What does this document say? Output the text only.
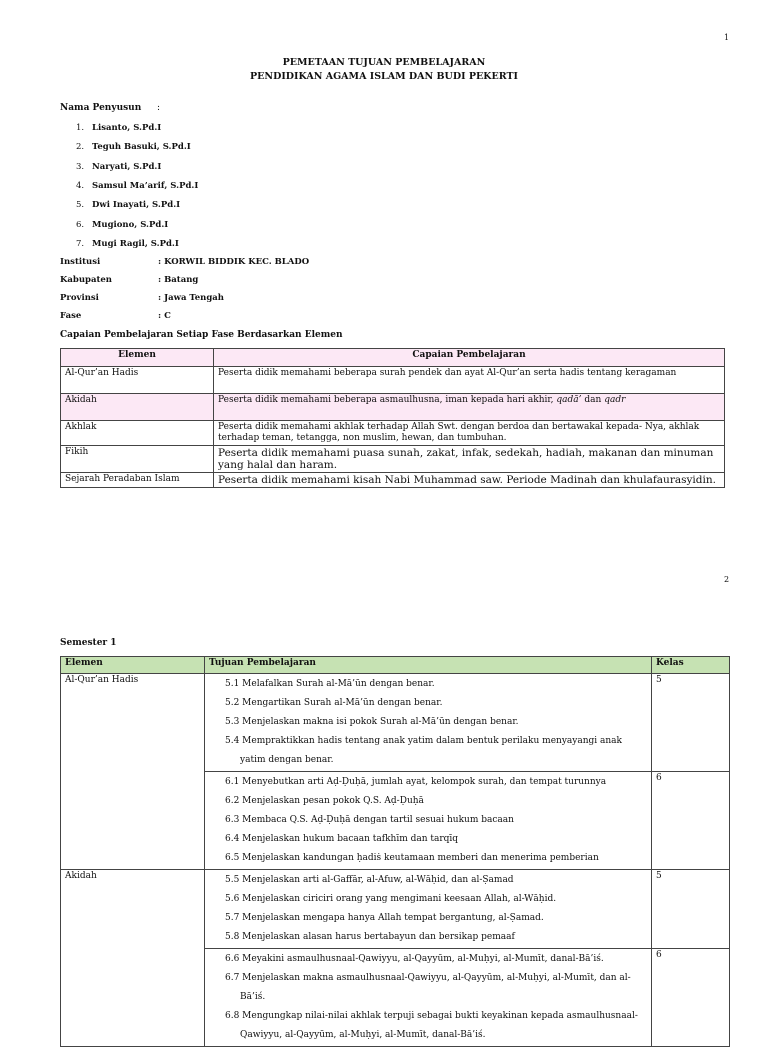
1
PEMETAAN TUJUAN PEMBELAJARAN
PENDIDIKAN AGAMA ISLAM DAN BUDI PEKERTI
Nama Penyusun :
1. Lisanto, S.Pd.I
2. Teguh Basuki, S.Pd.I
3. Naryati, S.Pd.I
4. Samsul Ma’arif, S.Pd.I
5. Dwi Inayati, S.Pd.I
6. Mugiono, S.Pd.I
7. Mugi Ragil, S.Pd.I
Institusi	: KORWIL BIDDIK KEC. BLADO
Kabupaten	: Batang
Provinsi	: Jawa Tengah
Fase	: C
Capaian Pembelajaran Setiap Fase Berdasarkan Elemen
Elemen	Capaian Pembelajaran
Al-Qur’an Hadis	Peserta didik memahami beberapa surah pendek dan ayat Al-Qur’an serta hadis tentang keragaman
Akidah	Peserta didik memahami beberapa asmaulhusna, iman kepada hari akhir, qadā’ dan qadr
Akhlak	Peserta didik memahami akhlak terhadap Allah Swt. dengan berdoa dan bertawakal kepada- Nya, akhlak terhadap teman, tetangga, non muslim, hewan, dan tumbuhan.
Fikih	Peserta didik memahami puasa sunah, zakat, infak, sedekah, hadiah, makanan dan minuman yang halal dan haram.
Sejarah Peradaban Islam	Peserta didik memahami kisah Nabi Muhammad saw. Periode Madinah dan khulafaurasyidin.
2
Semester 1
Elemen	Tujuan Pembelajaran	Kelas
Al-Qur’an Hadis	5.1 Melafalkan Surah al-Mā’ūn dengan benar.
5.2 Mengartikan Surah al-Mā’ūn dengan benar.
5.3 Menjelaskan makna isi pokok Surah al-Mā’ūn dengan benar.
5.4 Mempraktikkan hadis tentang anak yatim dalam bentuk perilaku menyayangi anak yatim dengan benar.	5

	6.1 Menyebutkan arti Aḍ-Ḍuḥā, jumlah ayat, kelompok surah, dan tempat turunnya
6.2 Menjelaskan pesan pokok Q.S. Aḍ-Ḍuḥā
6.3 Membaca Q.S. Aḍ-Ḍuḥā dengan tartil sesuai hukum bacaan
6.4 Menjelaskan hukum bacaan tafkhīm dan tarqīq
6.5 Menjelaskan kandungan ḥadiṡ keutamaan memberi dan menerima pemberian	6
Akidah	5.5 Menjelaskan arti al-Gaffār, al-Afuw, al-Wāḥid, dan al-Ṣamad
5.6 Menjelaskan ciriciri orang yang mengimani keesaan Allah, al-Wāḥid.
5.7 Menjelaskan mengapa hanya Allah tempat bergantung, al-Ṣamad.
5.8 Menjelaskan alasan harus bertabayun dan bersikap pemaaf	5

	6.6 Meyakini asmaulhusnaal-Qawiyyu, al-Qayyūm, al-Muḥyi, al-Mumīt, danal-Bā’iś.
6.7 Menjelaskan makna asmaulhusnaal-Qawiyyu, al-Qayyūm, al-Muḥyi, al-Mumīt, dan al-Bā’iś.
6.8 Mengungkap nilai-nilai akhlak terpuji sebagai bukti keyakinan kepada asmaulhusnaal-Qawiyyu, al-Qayyūm, al-Muḥyi, al-Mumīt, danal-Bā’iś.	6
